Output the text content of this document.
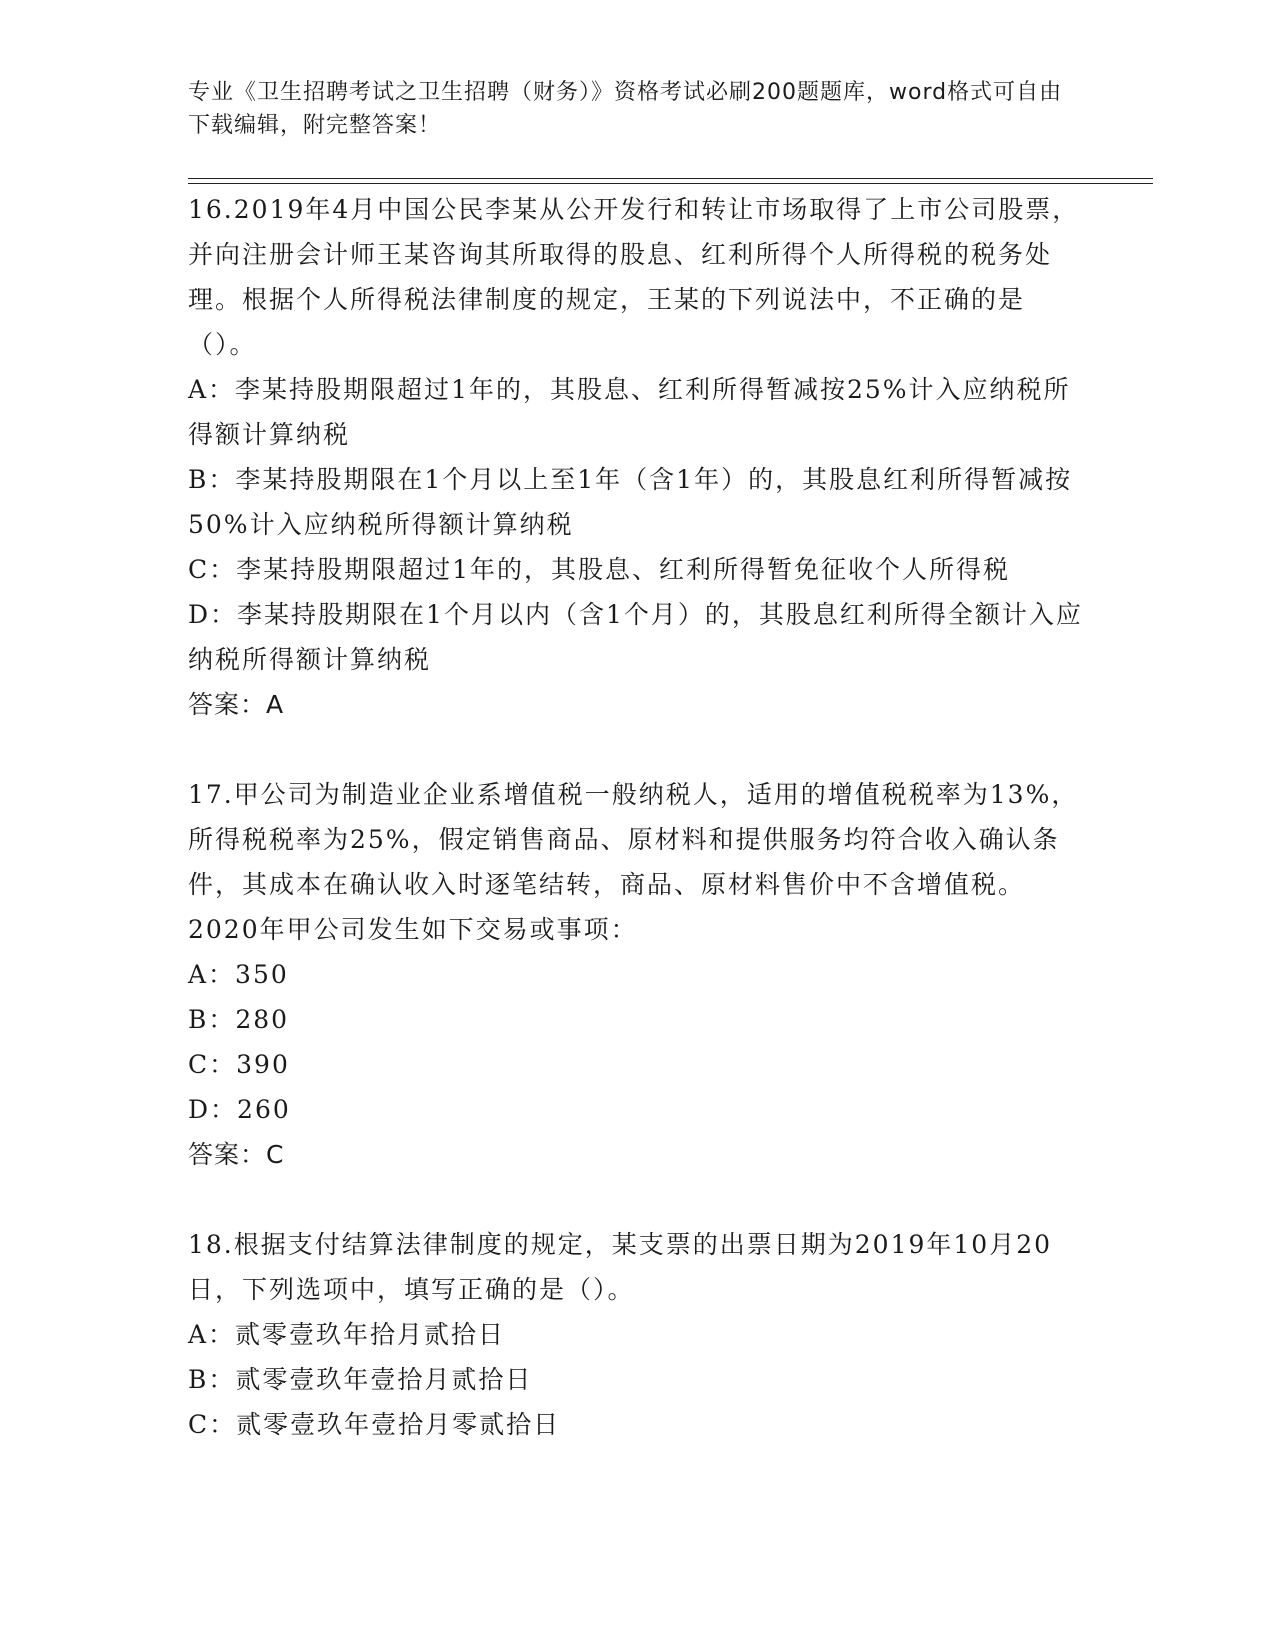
专业《卫生招聘考试之卫生招聘（财务）》资格考试必刷200题题库，word格式可自由下载编辑，附完整答案！

16.2019年4月中国公民李某从公开发行和转让市场取得了上市公司股票，并向注册会计师王某咨询其所取得的股息、红利所得个人所得税的税务处理。根据个人所得税法律制度的规定，王某的下列说法中，不正确的是（）。

A：李某持股期限超过1年的，其股息、红利所得暂减按25%计入应纳税所得额计算纳税

B：李某持股期限在1个月以上至1年（含1年）的，其股息红利所得暂减按50%计入应纳税所得额计算纳税

C：李某持股期限超过1年的，其股息、红利所得暂免征收个人所得税

D：李某持股期限在1个月以内（含1个月）的，其股息红利所得全额计入应纳税所得额计算纳税

答案：A

17.甲公司为制造业企业系增值税一般纳税人，适用的增值税税率为13%，所得税税率为25%，假定销售商品、原材料和提供服务均符合收入确认条件，其成本在确认收入时逐笔结转，商品、原材料售价中不含增值税。2020年甲公司发生如下交易或事项：

A：350

B：280

C：390

D：260

答案：C

18.根据支付结算法律制度的规定，某支票的出票日期为2019年10月20日，下列选项中，填写正确的是（）。

A：贰零壹玖年拾月贰拾日

B：贰零壹玖年壹拾月贰拾日

C：贰零壹玖年壹拾月零贰拾日
